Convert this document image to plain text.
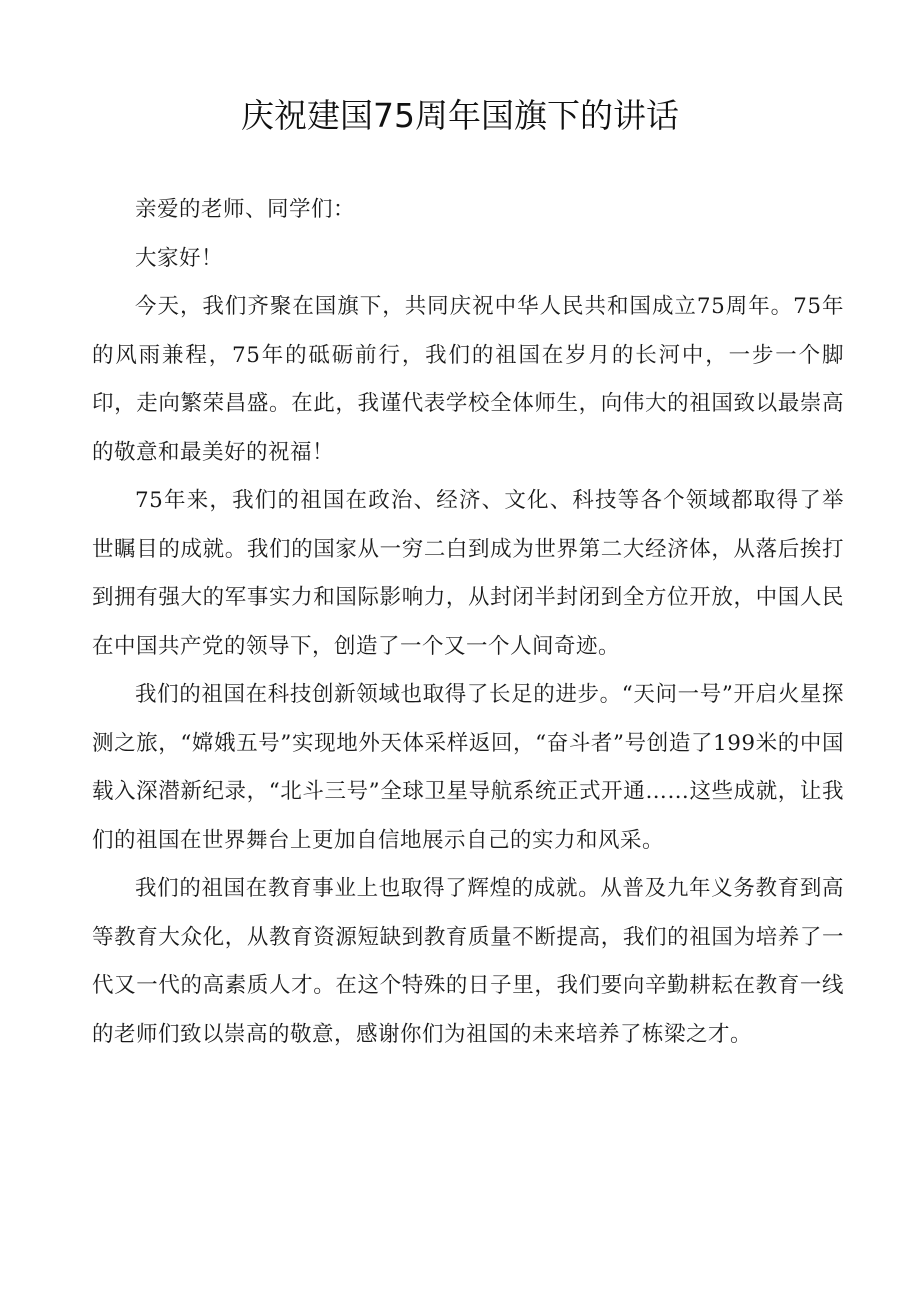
庆祝建国75周年国旗下的讲话

亲爱的老师、同学们：

大家好！

今天，我们齐聚在国旗下，共同庆祝中华人民共和国成立75周年。75年的风雨兼程，75年的砥砺前行，我们的祖国在岁月的长河中，一步一个脚印，走向繁荣昌盛。在此，我谨代表学校全体师生，向伟大的祖国致以最崇高的敬意和最美好的祝福！

75年来，我们的祖国在政治、经济、文化、科技等各个领域都取得了举世瞩目的成就。我们的国家从一穷二白到成为世界第二大经济体，从落后挨打到拥有强大的军事实力和国际影响力，从封闭半封闭到全方位开放，中国人民在中国共产党的领导下，创造了一个又一个人间奇迹。

我们的祖国在科技创新领域也取得了长足的进步。“天问一号”开启火星探测之旅，“嫦娥五号”实现地外天体采样返回，“奋斗者”号创造了199米的中国载入深潜新纪录，“北斗三号”全球卫星导航系统正式开通……这些成就，让我们的祖国在世界舞台上更加自信地展示自己的实力和风采。

我们的祖国在教育事业上也取得了辉煌的成就。从普及九年义务教育到高等教育大众化，从教育资源短缺到教育质量不断提高，我们的祖国为培养了一代又一代的高素质人才。在这个特殊的日子里，我们要向辛勤耕耘在教育一线的老师们致以崇高的敬意，感谢你们为祖国的未来培养了栋梁之才。
